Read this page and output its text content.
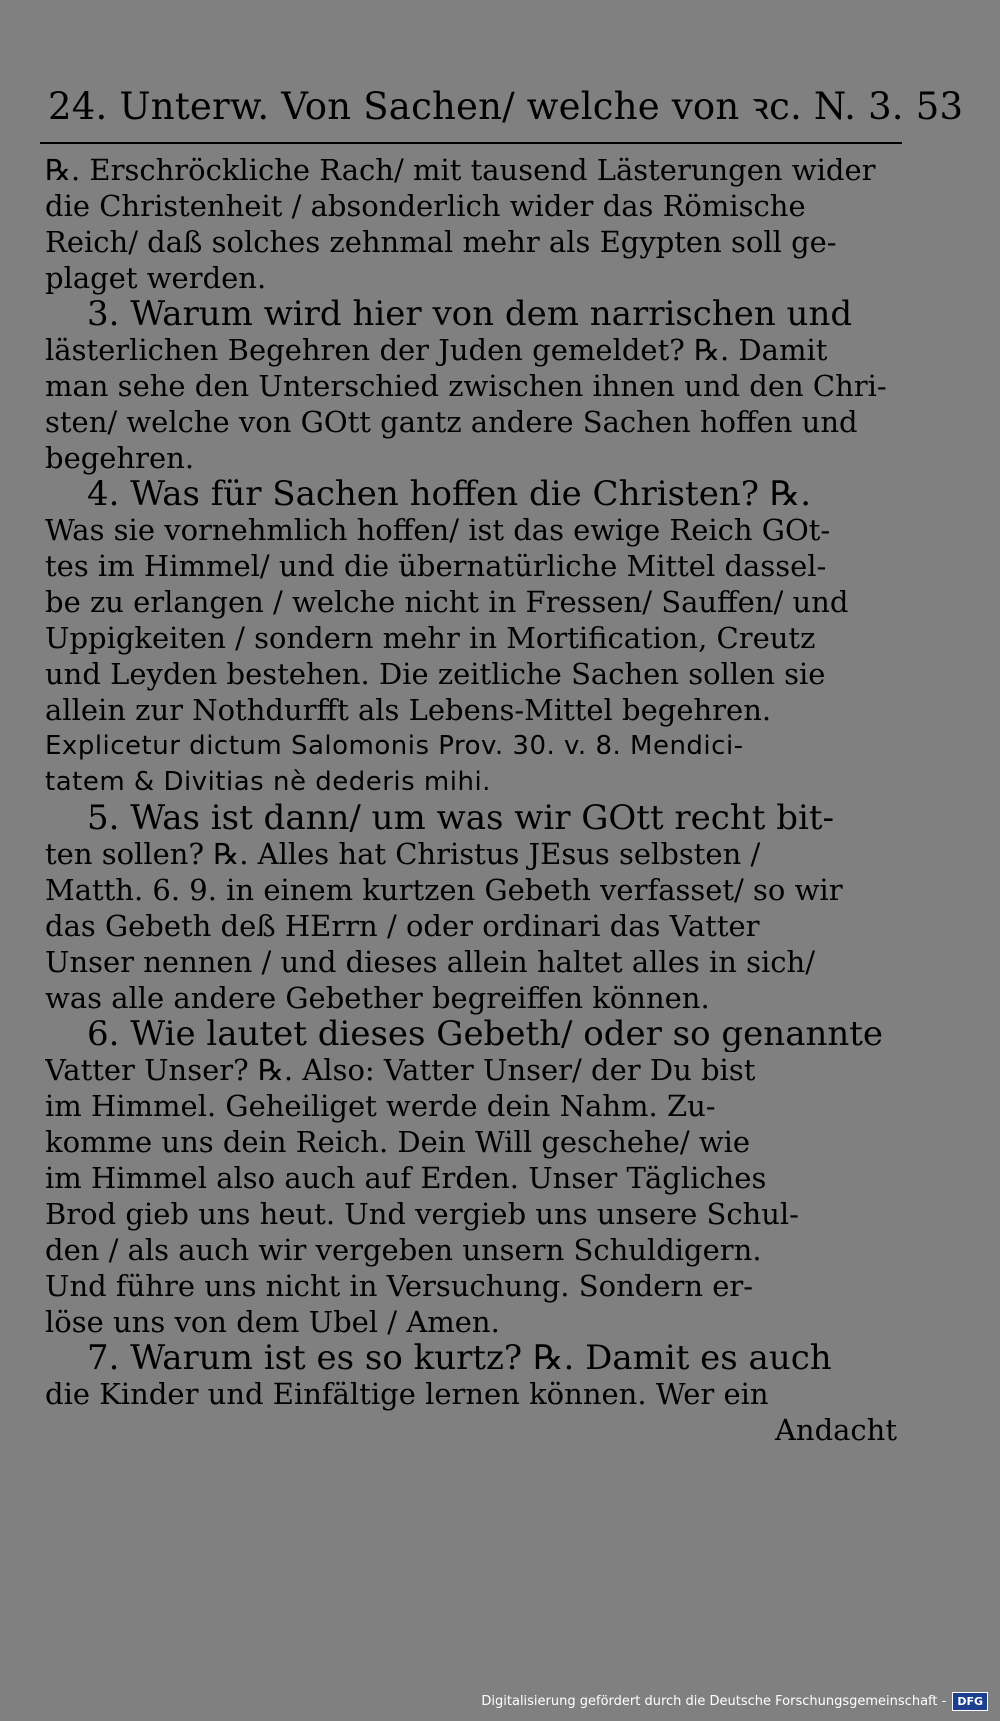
24. Unterw. Von Sachen/ welche von ꝛc. N. 3. 53
℞. Erschröckliche Rach/ mit tausend Lästerungen wider
die Christenheit / absonderlich wider das Römische
Reich/ daß solches zehnmal mehr als Egypten soll ge-
plaget werden.
3. Warum wird hier von dem narrischen und
lästerlichen Begehren der Juden gemeldet? ℞. Damit
man sehe den Unterschied zwischen ihnen und den Chri-
sten/ welche von GOtt gantz andere Sachen hoffen und
begehren.
4. Was für Sachen hoffen die Christen? ℞.
Was sie vornehmlich hoffen/ ist das ewige Reich GOt-
tes im Himmel/ und die übernatürliche Mittel dassel-
be zu erlangen / welche nicht in Fressen/ Sauffen/ und
Uppigkeiten / sondern mehr in Mortification, Creutz
und Leyden bestehen. Die zeitliche Sachen sollen sie
allein zur Nothdurfft als Lebens-Mittel begehren.
Explicetur dictum Salomonis Prov. 30. v. 8. Mendici-
tatem & Divitias nè dederis mihi.
5. Was ist dann/ um was wir GOtt recht bit-
ten sollen? ℞. Alles hat Christus JEsus selbsten /
Matth. 6. 9. in einem kurtzen Gebeth verfasset/ so wir
das Gebeth deß HErrn / oder ordinari das Vatter
Unser nennen / und dieses allein haltet alles in sich/
was alle andere Gebether begreiffen können.
6. Wie lautet dieses Gebeth/ oder so genannte
Vatter Unser? ℞. Also: Vatter Unser/ der Du bist
im Himmel. Geheiliget werde dein Nahm. Zu-
komme uns dein Reich. Dein Will geschehe/ wie
im Himmel also auch auf Erden. Unser Tägliches
Brod gieb uns heut. Und vergieb uns unsere Schul-
den / als auch wir vergeben unsern Schuldigern.
Und führe uns nicht in Versuchung. Sondern er-
löse uns von dem Ubel / Amen.
7. Warum ist es so kurtz? ℞. Damit es auch
die Kinder und Einfältige lernen können. Wer ein
Andacht
Digitalisierung gefördert durch die Deutsche Forschungsgemeinschaft -	DFG
